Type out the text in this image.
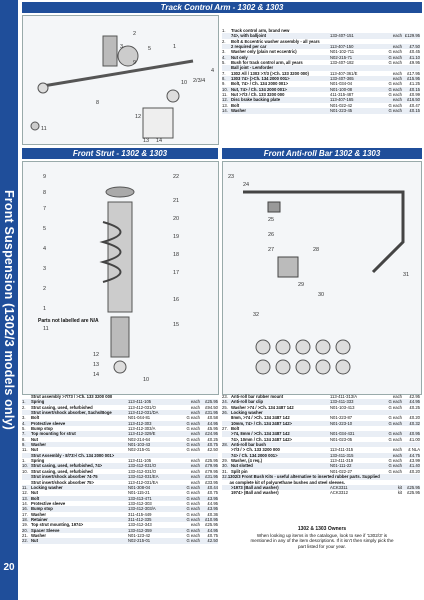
Front Suspension (1302/3 models only)
20
Track Control Arm - 1302 & 1303
Front Strut - 1302 & 1303	Front Anti-roll Bar 1302 & 1303
1
2
3
4
5
8
9
10
11
12
13 14
2/3/4
1.	Track control arm, brand new
74>, with balljoint	133-407-151	each £129.95
2.	Bolt & Eccentric washer assembly - all years
2 required per car	113-407-150	each	£7.50
3.	Washer only (plain not eccentric)	N01-102-711	G each	£0.45
4.	Nut only	N02-215-71	G each	£1.10
5.	Bush for track control arm, all years	133-407-182	G each	£9.95
Ball joint - Lemforder
7.	1302 All / 1303 >7/3 (>Ch. 133 3200 000)	113-407-361/E	each	£17.95
8.	1303 74> (>Ch. 134 2000 001>	133-407-365	each	£15.95
9.	Bolt, 74> / Ch. 134 2000 001>	N01-034-04	G each	£1.25
10. Nut, 74> / Ch. 134 2000 001>	N01-100-08	G each	£0.15
11. Nut >7/3 / Ch. 133 3200 000	411-315-487	G each	£0.99
12. Disc brake backing plate	113-407-165	each	£16.50
13. Bolt	N01-022-42	G each	£0.47
14. Washer	N01-223-45	G each	£0.15
9
8
7
5
4
3
2
1
11
12
13
14
16
17
18
19
20
21
22
15
10
Parts not labelled are N/A
23
24
25
26
27	28
29
30
31
32
Strut assembly >7/73 / >Ch. 133 3200 000
1.	Spring	113-411-105	each	£25.95
2.	Strut casing, used, refurbished	113-412-031/O	each	£94.50
Strut insert/shock absorber, Sachs/Boge	113-412-031/DA	each	£31.95
3.	Bolt	N01-044-81	G each	£0.58
4.	Protective sleeve	113-412-303	G each	£4.95
5.	Bump stop	113-412-303/A	G each	£5.95
7.	Top mounting for strut	113-412-329/E	each	£24.95
8.	Nut	N02-214-64	G each	£0.25
9.	Washer	N01-103-43	G each	£0.75
11. Nut	N02-215-01	G each	£2.50
Strut Assembly - 8/73>/ Ch. 134 2000 001>
1.	Spring	113-411-105	each	£25.95
10. Strut casing, used, refurbished, 74>	133-412-031/O	each	£79.95
10. Strut casing, used, refurbished	133-412-031/O	each	£79.95
Strut insert/shock absorber 74-75	133-412-031/EA	each	£31.95
Strut insert/shock absorber 75>	113-412-031/EA	each	£33.95
11. Locking washer	N01-308-04	G each	£0.44
12. Nut	N01-115-21	G each	£0.75
13. Bolt	133-413-471	G each	£3.95
14. Protective sleeve	133-412-303	G each	£4.95
16. Bump stop	133-412-303/A	G each	£3.95
17. Washer	311-415-449	G each	£0.36
18. Retainer	311-412-335	G each	£10.95
19. Top strut mounting, 1974>	133-412-343	each	£25.95
20. Spacer Sleeve	133-412-359	G each	£4.95
21. Washer	N01-123-42	G each	£0.75
22. Nut	N02-215-01	G each	£2.50
23. Anti-roll bar rubber mount	113-411-313/A	each	£2.95
24. Anti-roll bar clip	133-411-333	G each	£4.95
25. Washer >74 / >Ch. 134 2487 142	N01-103-413	G each	£0.25
26. Locking washer
8mm, >74 / >Ch. 134 2487 142	N01-223-87	G each	£0.20
10mm, 74> / Ch. 134 2487 142>	N01-223-10	G each	£0.32
27. Bolt
>74, 8mm / >Ch. 134 2487 142	N01-034-431	G each	£0.95
74>, 10mm / Ch. 134 2487 142>	N01-023-05	G each	£1.00
28. Anti-roll bar bush
>7/3 / > Ch. 133 3200 000	113-411-315	each	£ NLA
74> / Ch. 134 2000 001>	133-411-315	each	£4.75
29. Washer, (4 req.)	113-411-319	G each	£3.99
30. Nut slotted	N01-111-22	G each	£1.40
31. Split pin	N01-022-27	G each	£0.20
32. 1302/3 Front Bush Kits - useful alternative to inserted rubber parts. Supplied
as complete kit of polyurethane bushes and steel sleeves.
>1973 (Ball and washer)	ACK3311	kit	£25.95
1974> (Ball and washer)	ACK3312	kit	£25.95
1302 & 1303 Owners
When looking up items in the catalogue, look to see if '1302/3' is
mentioned in any of the item descriptions. If it isn't then simply pick the
part listed for your year.
